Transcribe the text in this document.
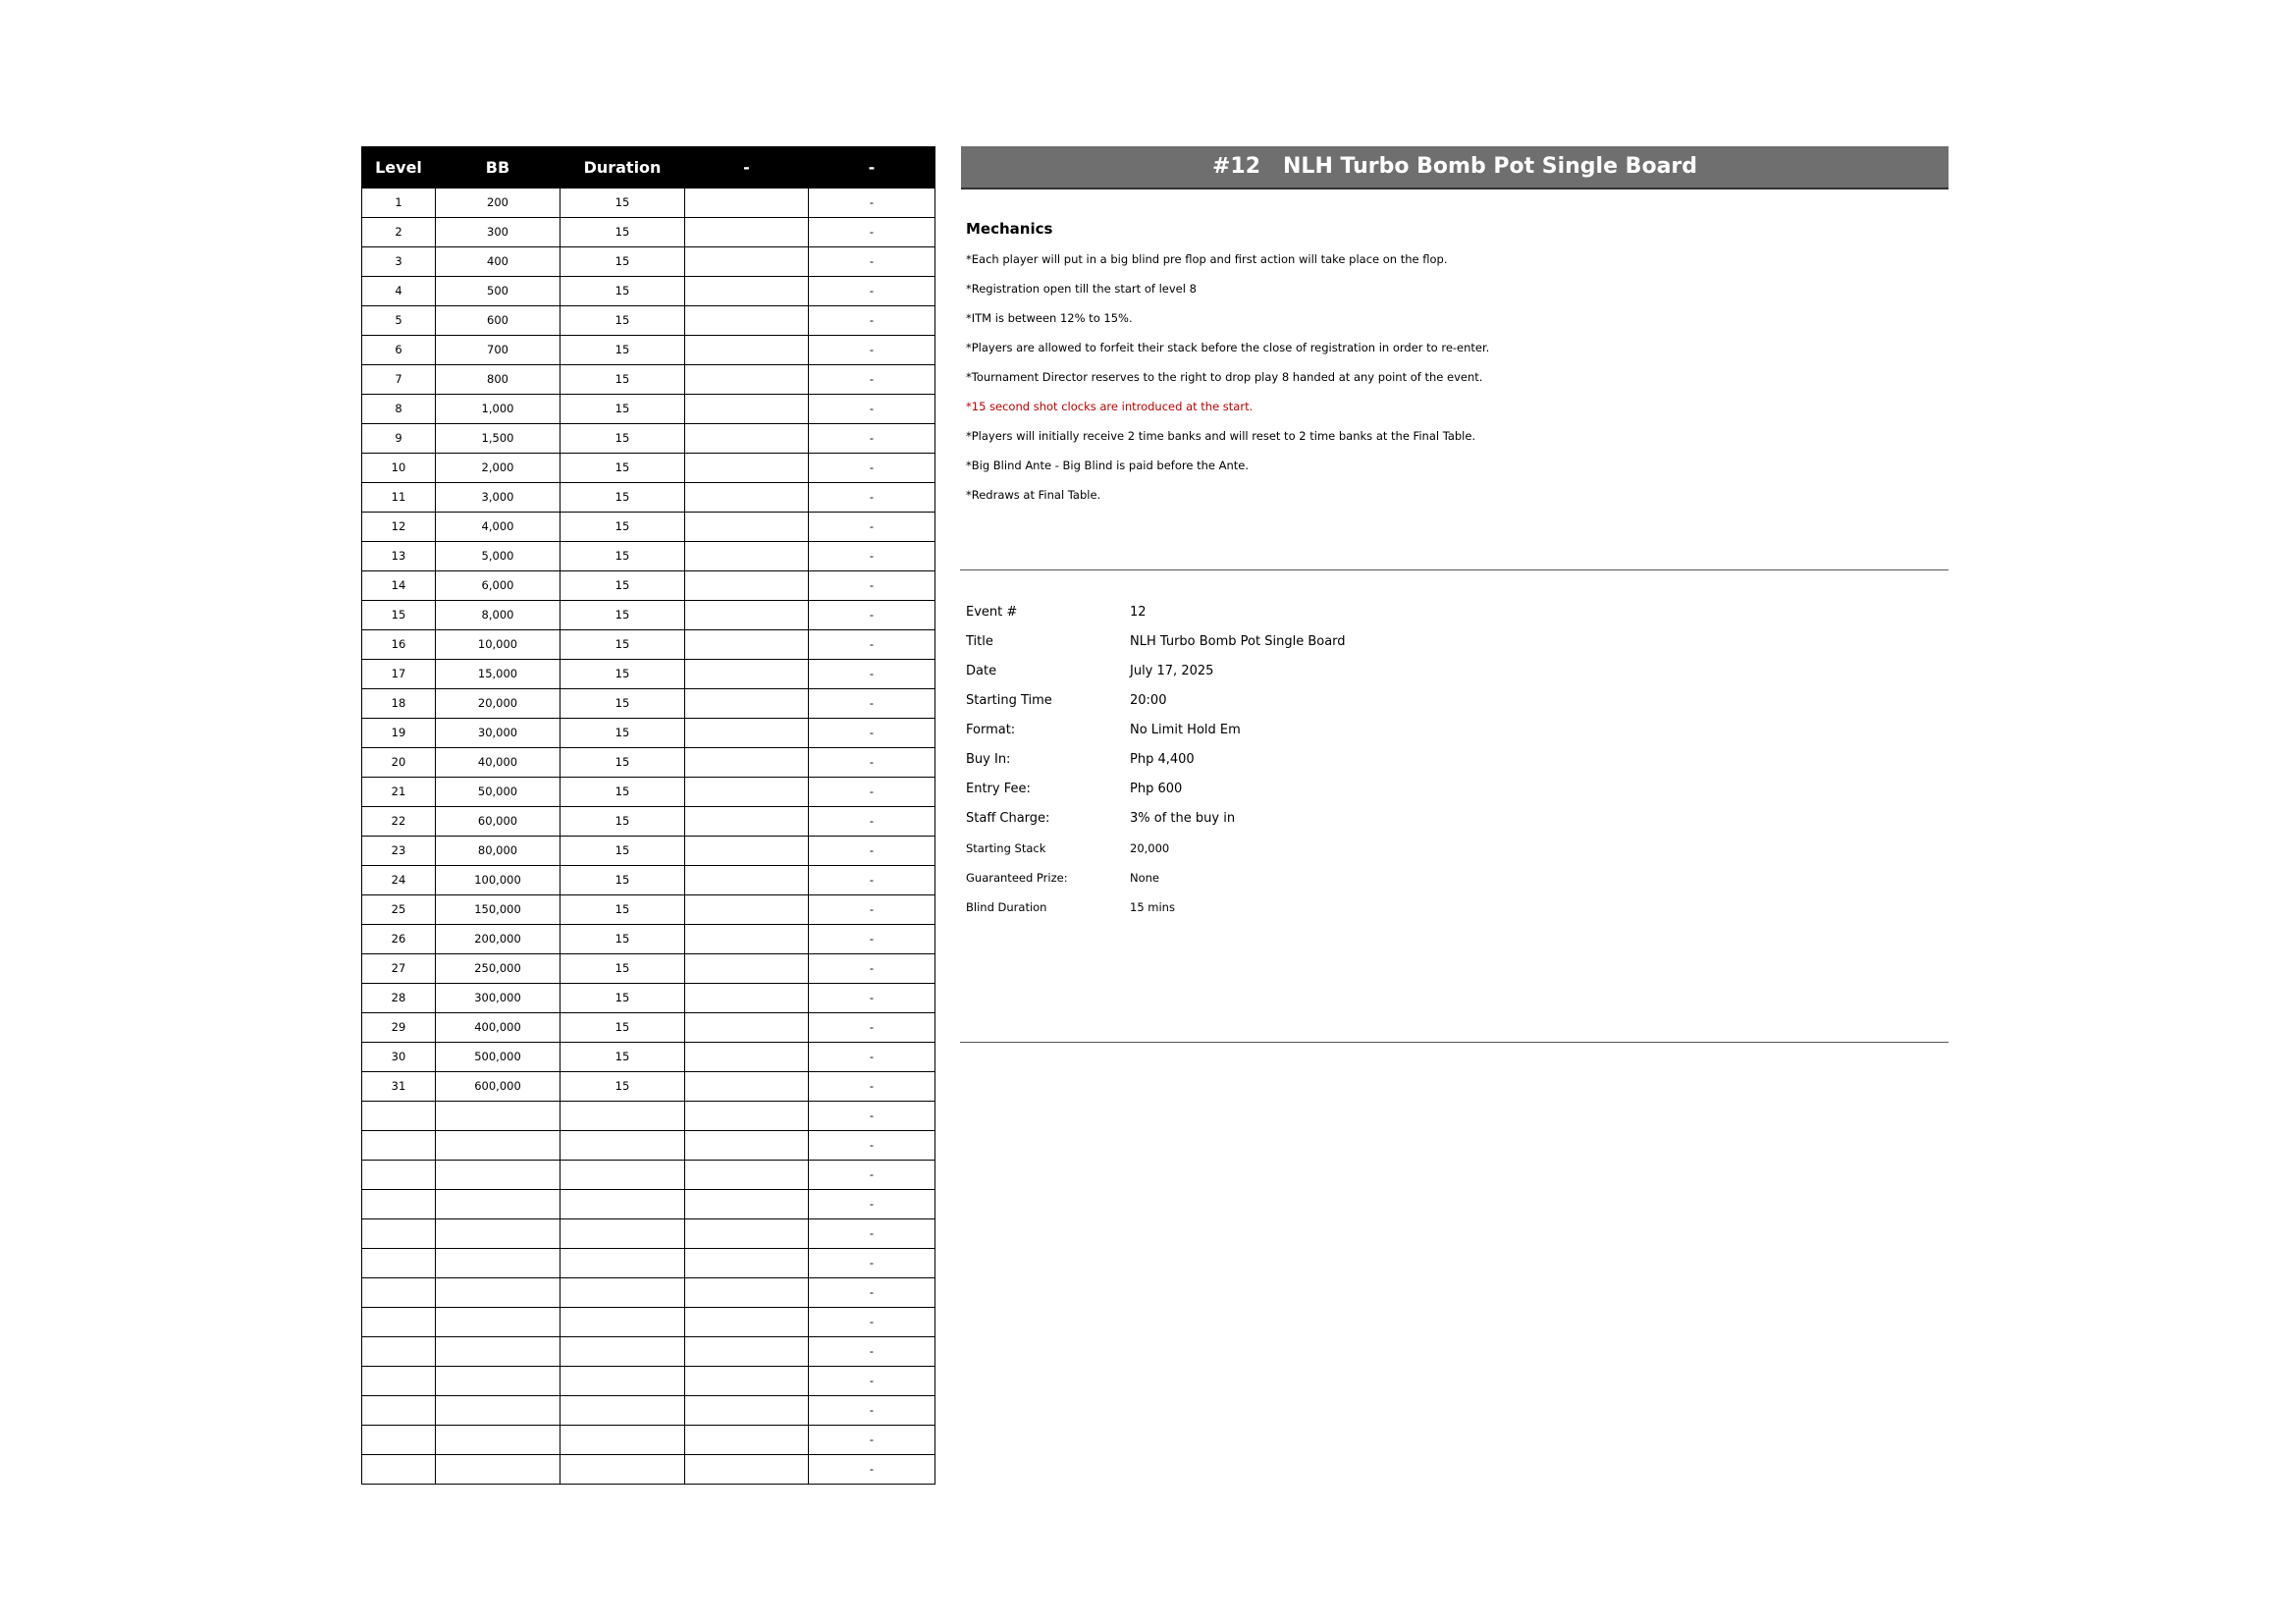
Level	BB	Duration	-	-
1	200	15		-
2	300	15		-
3	400	15		-
4	500	15		-
5	600	15		-
6	700	15		-
7	800	15		-
8	1,000	15		-
9	1,500	15		-
10	2,000	15		-
11	3,000	15		-
12	4,000	15		-
13	5,000	15		-
14	6,000	15		-
15	8,000	15		-
16	10,000	15		-
17	15,000	15		-
18	20,000	15		-
19	30,000	15		-
20	40,000	15		-
21	50,000	15		-
22	60,000	15		-
23	80,000	15		-
24	100,000	15		-
25	150,000	15		-
26	200,000	15		-
27	250,000	15		-
28	300,000	15		-
29	400,000	15		-
30	500,000	15		-
31	600,000	15		-
				-
				-
				-
				-
				-
				-
				-
				-
				-
				-
				-
				-
				-
#12   NLH Turbo Bomb Pot Single Board
Mechanics
*Each player will put in a big blind pre flop and first action will take place on the flop.
*Registration open till the start of level 8
*ITM is between 12% to 15%.
*Players are allowed to forfeit their stack before the close of registration in order to re-enter.
*Tournament Director reserves to the right to drop play 8 handed at any point of the event.
*15 second shot clocks are introduced at the start.
*Players will initially receive 2 time banks and will reset to 2 time banks at the Final Table.
*Big Blind Ante - Big Blind is paid before the Ante.
*Redraws at Final Table.
Event #	12
Title	NLH Turbo Bomb Pot Single Board
Date	July 17, 2025
Starting Time	20:00
Format:	No Limit Hold Em
Buy In:	Php 4,400
Entry Fee:	Php 600
Staff Charge:	3% of the buy in
Starting Stack	20,000
Guaranteed Prize:	None
Blind Duration	15 mins
